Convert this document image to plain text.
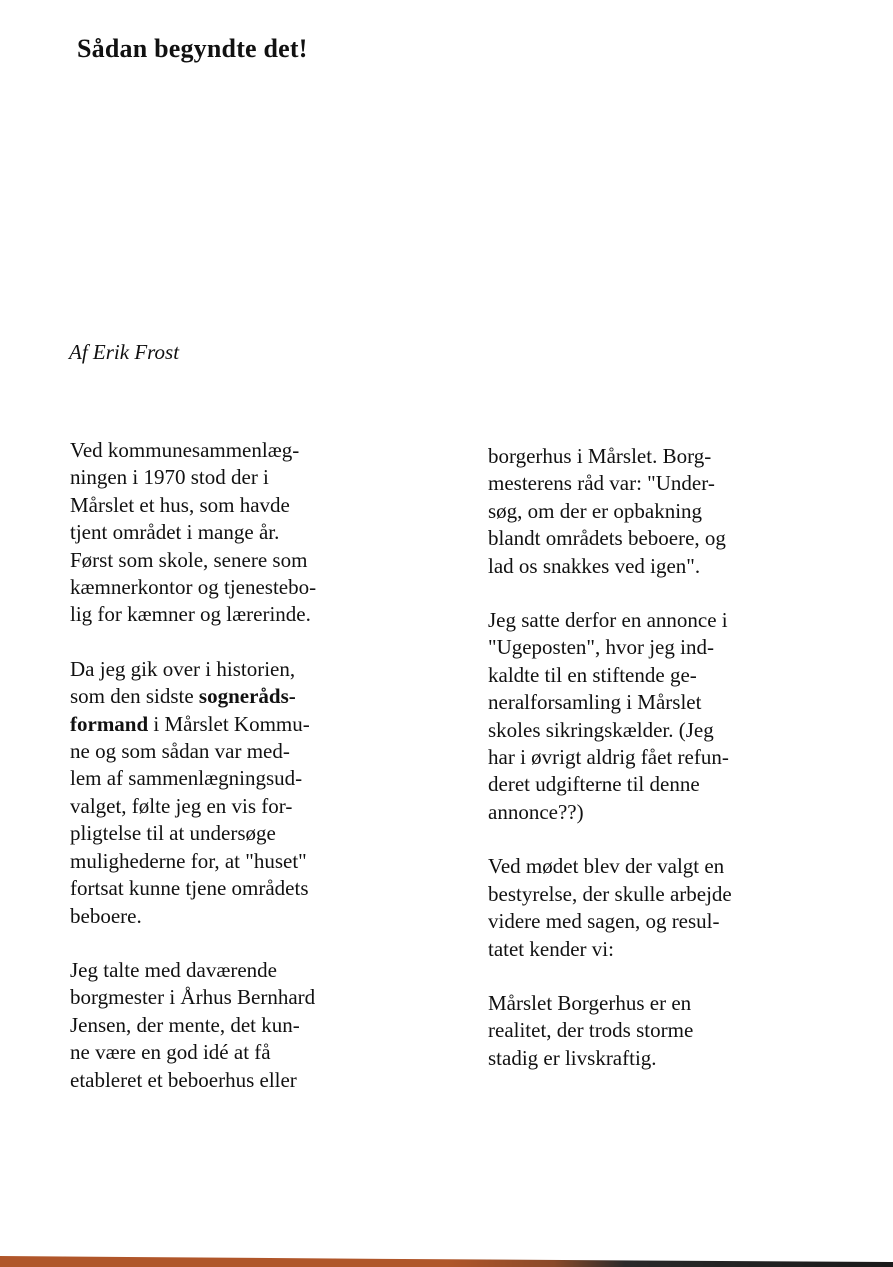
Sådan begyndte det!
Af Erik Frost

Ved kommunesammenlæg-
ningen i 1970 stod der i
Mårslet et hus, som havde
tjent området i mange år.
Først som skole, senere som
kæmnerkontor og tjenestebo-
lig for kæmner og lærerinde.

Da jeg gik over i historien,
som den sidste sogneråds-
formand i Mårslet Kommu-
ne og som sådan var med-
lem af sammenlægningsud-
valget, følte jeg en vis for-
pligtelse til at undersøge
mulighederne for, at "huset"
fortsat kunne tjene områdets
beboere.

Jeg talte med daværende
borgmester i Århus Bernhard
Jensen, der mente, det kun-
ne være en god idé at få
etableret et beboerhus eller

borgerhus i Mårslet. Borg-
mesterens råd var: "Under-
søg, om der er opbakning
blandt områdets beboere, og
lad os snakkes ved igen".

Jeg satte derfor en annonce i
"Ugeposten", hvor jeg ind-
kaldte til en stiftende ge-
neralforsamling i Mårslet
skoles sikringskælder. (Jeg
har i øvrigt aldrig fået refun-
deret udgifterne til denne
annonce??)

Ved mødet blev der valgt en
bestyrelse, der skulle arbejde
videre med sagen, og resul-
tatet kender vi:

Mårslet Borgerhus er en
realitet, der trods storme
stadig er livskraftig.
